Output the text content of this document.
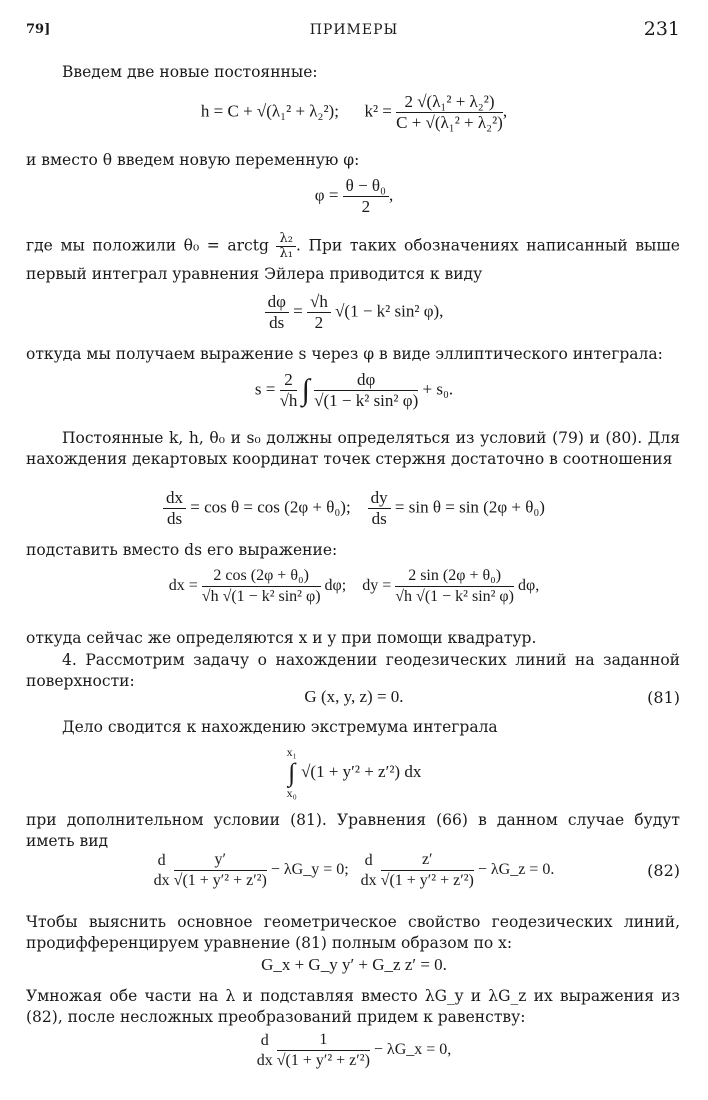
79]	ПРИМЕРЫ	231
Введем две новые постоянные:
h = C + √(λ₁² + λ₂²); $k^2 = \frac{\text{2 √(λ₁² + λ₂²)}}{\text{C + √(λ₁² + λ₂²)}}$ ,
и вместо θ введем новую переменную φ:
$\varphi = \frac{\text{θ − θ₀}}{2}$ ,
где мы положили θ₀ = arctg $\frac{\text{λ₂}}{\text{λ₁}}$ . При таких обозначениях написанный выше первый интеграл уравнения Эйлера приводится к виду
$\frac{d\varphi}{ds} = \frac{√h}{2} √(1 - k^2$ sin² φ),
откуда мы получаем выражение s через φ в виде эллиптического интеграла:
$s = \frac{2}{√h}$ ∫ $\frac{d\varphi}{\text{√(1 − k² sin² φ)}} + s_0$.
Постоянные k, h, θ₀ и s₀ должны определяться из условий (79) и (80). Для нахождения декартовых координат точек стержня достаточно в соотношения
$\frac{dx}{ds} = \cos \theta = \cos (2\varphi + \theta_0)$; $\frac{dy}{ds} = \sin \theta = \sin (2\varphi + \theta_0)$
подставить вместо ds его выражение:
dx = $\frac{\text{2 cos (2φ + θ₀)}}{\text{√h √(1 − k² sin² φ)}} d\varphi$; dy = $\frac{\text{2 sin (2φ + θ₀)}}{\text{√h √(1 − k² sin² φ)}} d\varphi$,
откуда сейчас же определяются x и y при помощи квадратур.
4. Рассмотрим задачу о нахождении геодезических линий на заданной поверхности:
G (x, y, z) = 0.	(81)
Дело сводится к нахождению экстремума интеграла
x₁
∫
x₀
√(1 + y′² + z′²) dx
при дополнительном условии (81). Уравнения (66) в данном случае будут иметь вид
d
dx
$\frac{y'}{\text{√(1 + y′² + z′²)}}$ − λG_y = 0;
d
dx
$\frac{z'}{\text{√(1 + y′² + z′²)}}$ − λG_z = 0.	(82)
Чтобы выяснить основное геометрическое свойство геодезических линий, продифференцируем уравнение (81) полным образом по x:
G_x + G_y y′ + G_z z′ = 0.
Умножая обе части на λ и подставляя вместо λG_y и λG_z их выражения из (82), после несложных преобразований придем к равенству:
d
dx
$\frac{1}{\text{√(1 + y′² + z′²)}}$ − λG_x = 0,
